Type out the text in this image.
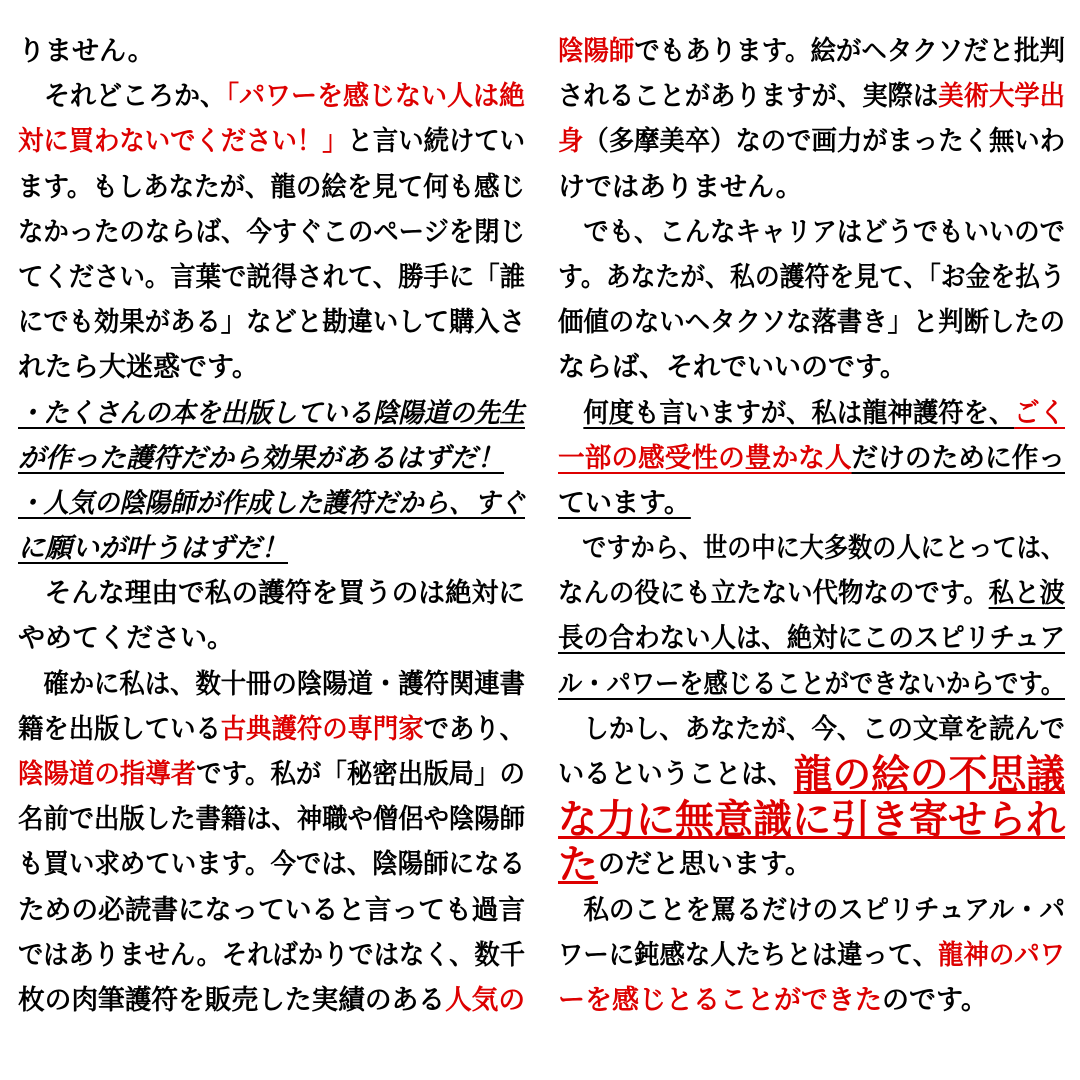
りません。
　それどころか、「パワーを感じない人は絶
対に買わないでください！」と言い続けてい
ます。もしあなたが、龍の絵を見て何も感じ
なかったのならば、今すぐこのページを閉じ
てください。言葉で説得されて、勝手に「誰
にでも効果がある」などと勘違いして購入さ
れたら大迷惑です。
・たくさんの本を出版している陰陽道の先生
が作った護符だから効果があるはずだ！
・人気の陰陽師が作成した護符だから、すぐ
に願いが叶うはずだ！
　そんな理由で私の護符を買うのは絶対に
やめてください。
　確かに私は、数十冊の陰陽道・護符関連書
籍を出版している古典護符の専門家であり、
陰陽道の指導者です。私が「秘密出版局」の
名前で出版した書籍は、神職や僧侶や陰陽師
も買い求めています。今では、陰陽師になる
ための必読書になっていると言っても過言
ではありません。そればかりではなく、数千
枚の肉筆護符を販売した実績のある人気の
陰陽師でもあります。絵がヘタクソだと批判
されることがありますが、実際は美術大学出
身（多摩美卒）なので画力がまったく無いわ
けではありません。
　でも、こんなキャリアはどうでもいいので
す。あなたが、私の護符を見て、「お金を払う
価値のないヘタクソな落書き」と判断したの
ならば、それでいいのです。
　何度も言いますが、私は龍神護符を、ごく
一部の感受性の豊かな人だけのために作っ
ています。
　ですから、世の中に大多数の人にとっては、
なんの役にも立たない代物なのです。私と波
長の合わない人は、絶対にこのスピリチュア
ル・パワーを感じることができないからです。
　しかし、あなたが、今、この文章を読んで
いるということは、龍の絵の不思議
な力に無意識に引き寄せられ
たのだと思います。
　私のことを罵るだけのスピリチュアル・パ
ワーに鈍感な人たちとは違って、龍神のパワ
ーを感じとることができたのです。
